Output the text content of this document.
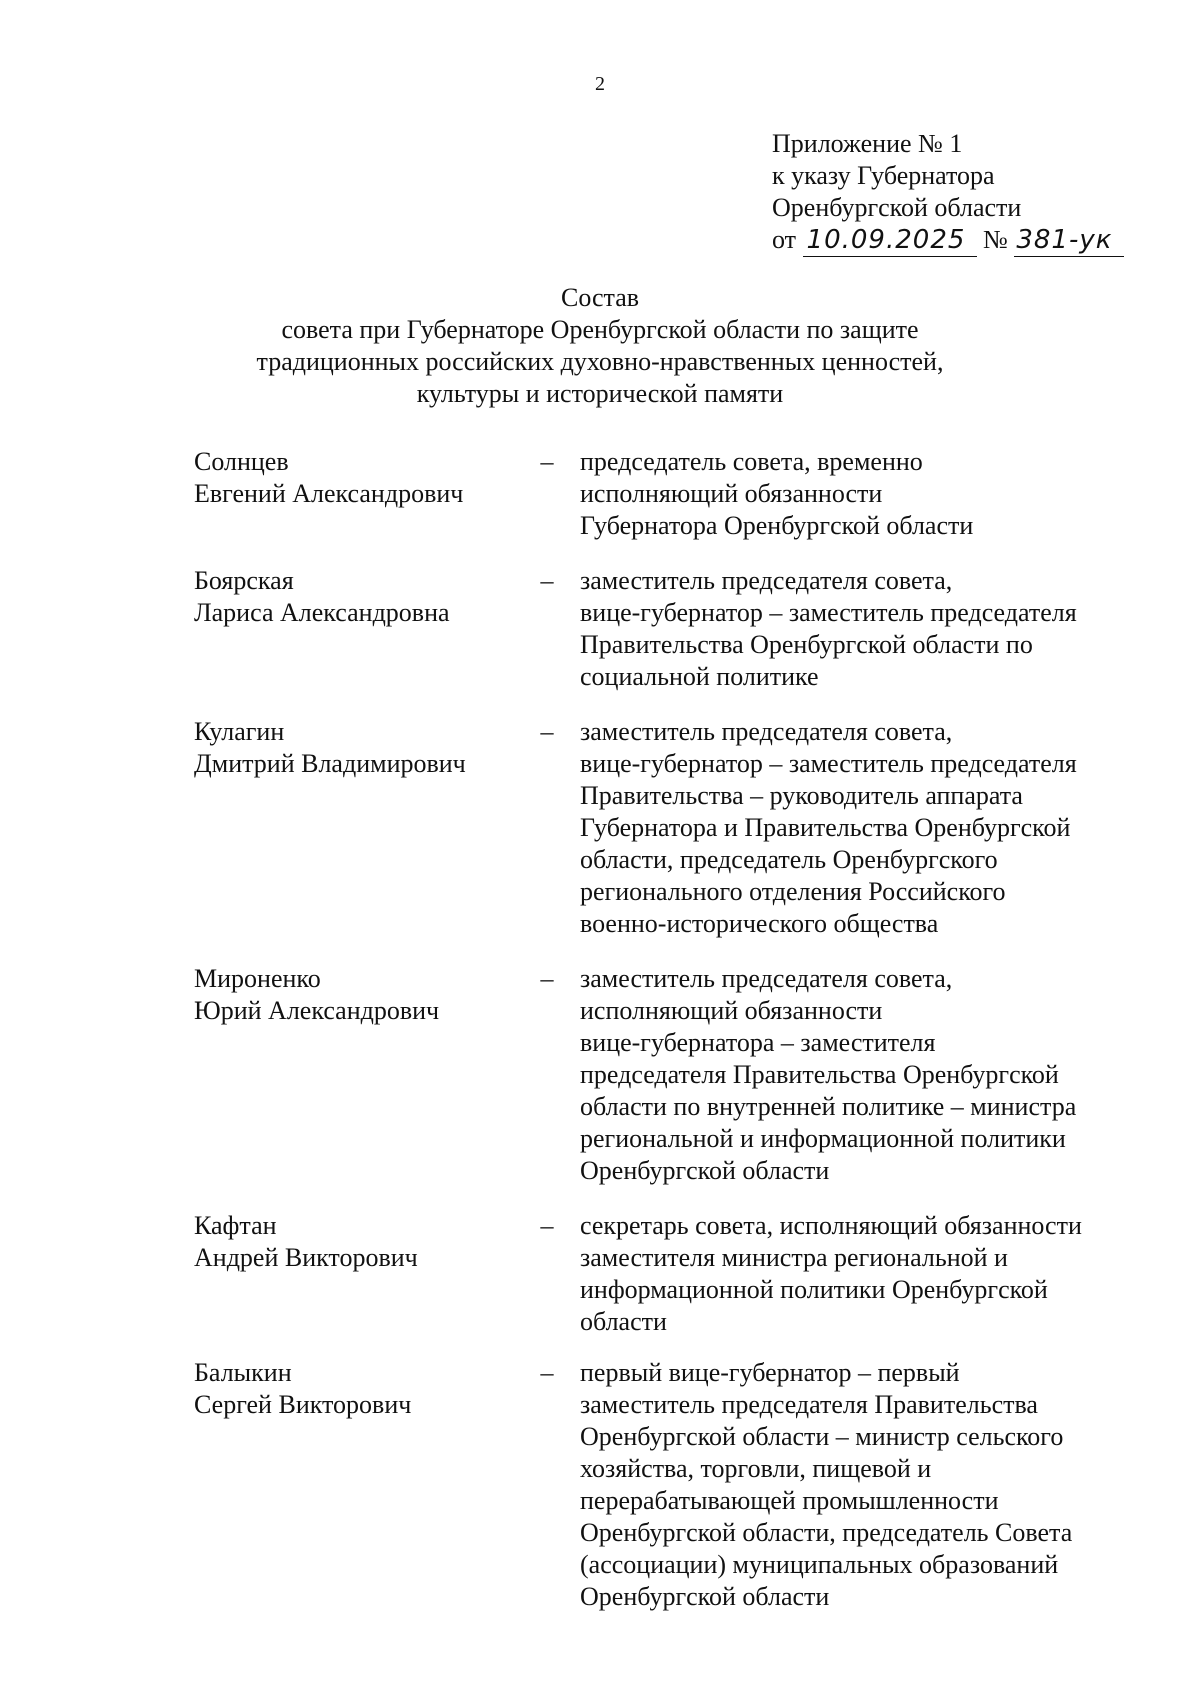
2
Приложение № 1
к указу Губернатора
Оренбургской области
от 10.09.2025 № 381-ук
Состав
совета при Губернаторе Оренбургской области по защите
традиционных российских духовно-нравственных ценностей,
культуры и исторической памяти
Солнцев
Евгений Александрович
–	председатель совета, временно
исполняющий обязанности
Губернатора Оренбургской области
Боярская
Лариса Александровна
–	заместитель председателя совета,
вице-губернатор – заместитель председателя
Правительства Оренбургской области по
социальной политике
Кулагин
Дмитрий Владимирович
–	заместитель председателя совета,
вице-губернатор – заместитель председателя
Правительства – руководитель аппарата
Губернатора и Правительства Оренбургской
области, председатель Оренбургского
регионального отделения Российского
военно-исторического общества
Мироненко
Юрий Александрович
–	заместитель председателя совета,
исполняющий обязанности
вице-губернатора – заместителя
председателя Правительства Оренбургской
области по внутренней политике – министра
региональной и информационной политики
Оренбургской области
Кафтан
Андрей Викторович
–	секретарь совета, исполняющий обязанности
заместителя министра региональной и
информационной политики Оренбургской
области
Балыкин
Сергей Викторович
–	первый вице-губернатор – первый
заместитель председателя Правительства
Оренбургской области – министр сельского
хозяйства, торговли, пищевой и
перерабатывающей промышленности
Оренбургской области, председатель Совета
(ассоциации) муниципальных образований
Оренбургской области
